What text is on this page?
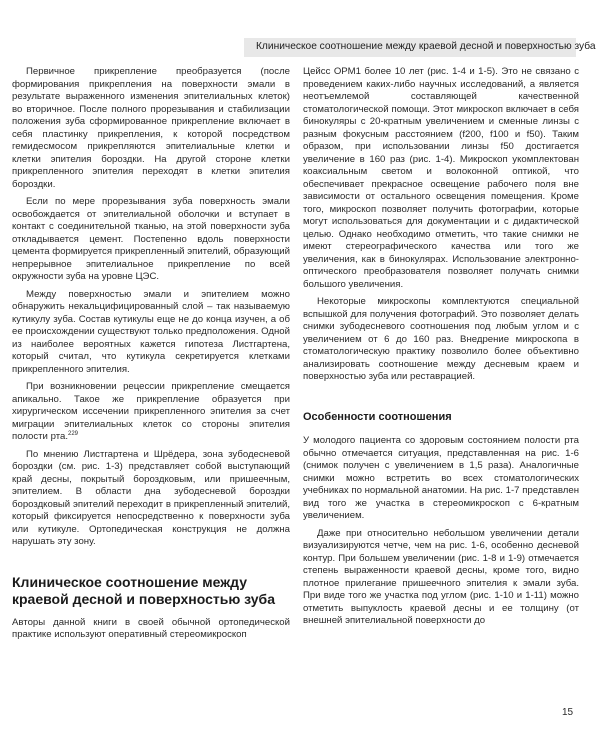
Клиническое соотношение между краевой десной и поверхностью зуба

Первичное прикрепление преобразуется (после формирования прикрепления на поверхности эмали в результате выраженного изменения эпителиальных клеток) во вторичное. После полного прорезывания и стабилизации положения зуба сформированное прикрепление включает в себя пластинку прикрепления, к которой посредством гемидесмосом прикрепляются эпителиальные клетки и клетки эпителия бороздки. На другой стороне клетки прикрепленного эпителия переходят в клетки эпителия бороздки.

Если по мере прорезывания зуба поверхность эмали освобождается от эпителиальной оболочки и вступает в контакт с соединительной тканью, на этой поверхности зуба откладывается цемент. Постепенно вдоль поверхности цемента формируется прикрепленный эпителий, образующий непрерывное эпителиальное прикрепление по всей окружности зуба на уровне ЦЭС.

Между поверхностью эмали и эпителием можно обнаружить некальцифицированный слой – так называемую кутикулу зуба. Состав кутикулы еще не до конца изучен, а об ее происхождении существуют только предположения. Одной из наиболее вероятных кажется гипотеза Листгартена, который считал, что кутикула секретируется клетками прикрепленного эпителия.

При возникновении рецессии прикрепление смещается апикально. Такое же прикрепление образуется при хирургическом иссечении прикрепленного эпителия за счет миграции эпителиальных клеток со стороны эпителия полости рта.$^{229}$

По мнению Листгартена и Шрёдера, зона зубодесневой бороздки (см. рис. 1-3) представляет собой выступающий край десны, покрытый бороздковым, или пришеечным, эпителием. В области дна зубодесневой бороздки бороздковый эпителий переходит в прикрепленный эпителий, который фиксируется непосредственно к поверхности зуба или кутикуле. Ортопедическая конструкция не должна нарушать эту зону.

Клиническое соотношение между краевой десной и поверхностью зуба

Авторы данной книги в своей обычной ортопедической практике используют оперативный стереомикроскоп

Цейсс ОРМ1 более 10 лет (рис. 1-4 и 1-5). Это не связано с проведением каких-либо научных исследований, а является неотъемлемой составляющей качественной стоматологической помощи. Этот микроскоп включает в себя бинокуляры с 20-кратным увеличением и сменные линзы с разным фокусным расстоянием (f200, f100 и f50). Таким образом, при использовании линзы f50 достигается увеличение в 160 раз (рис. 1-4). Микроскоп укомплектован коаксиальным светом и волоконной оптикой, что обеспечивает прекрасное освещение рабочего поля вне зависимости от остального освещения помещения. Кроме того, микроскоп позволяет получить фотографии, которые могут использоваться для документации и с дидактической целью. Однако необходимо отметить, что такие снимки не имеют стереографического качества или того же увеличения, как в бинокулярах. Использование электронно-оптического преобразователя позволяет получать снимки большого увеличения.

Некоторые микроскопы комплектуются специальной вспышкой для получения фотографий. Это позволяет делать снимки зубодесневого соотношения под любым углом и с увеличением от 6 до 160 раз. Внедрение микроскопа в стоматологическую практику позволило более объективно анализировать соотношение между десневым краем и поверхностью зуба или реставрацией.

Особенности соотношения

У молодого пациента со здоровым состоянием полости рта обычно отмечается ситуация, представленная на рис. 1-6 (снимок получен с увеличением в 1,5 раза). Аналогичные снимки можно встретить во всех стоматологических учебниках по нормальной анатомии. На рис. 1-7 представлен вид того же участка в стереомикроскоп с 6-кратным увеличением.

Даже при относительно небольшом увеличении детали визуализируются четче, чем на рис. 1-6, особенно десневой контур. При большем увеличении (рис. 1-8 и 1-9) отмечается степень выраженности краевой десны, кроме того, видно плотное прилегание пришеечного эпителия к эмали зуба. При виде того же участка под углом (рис. 1-10 и 1-11) можно отметить выпуклость краевой десны и ее толщину (от внешней эпителиальной поверхности до

15
